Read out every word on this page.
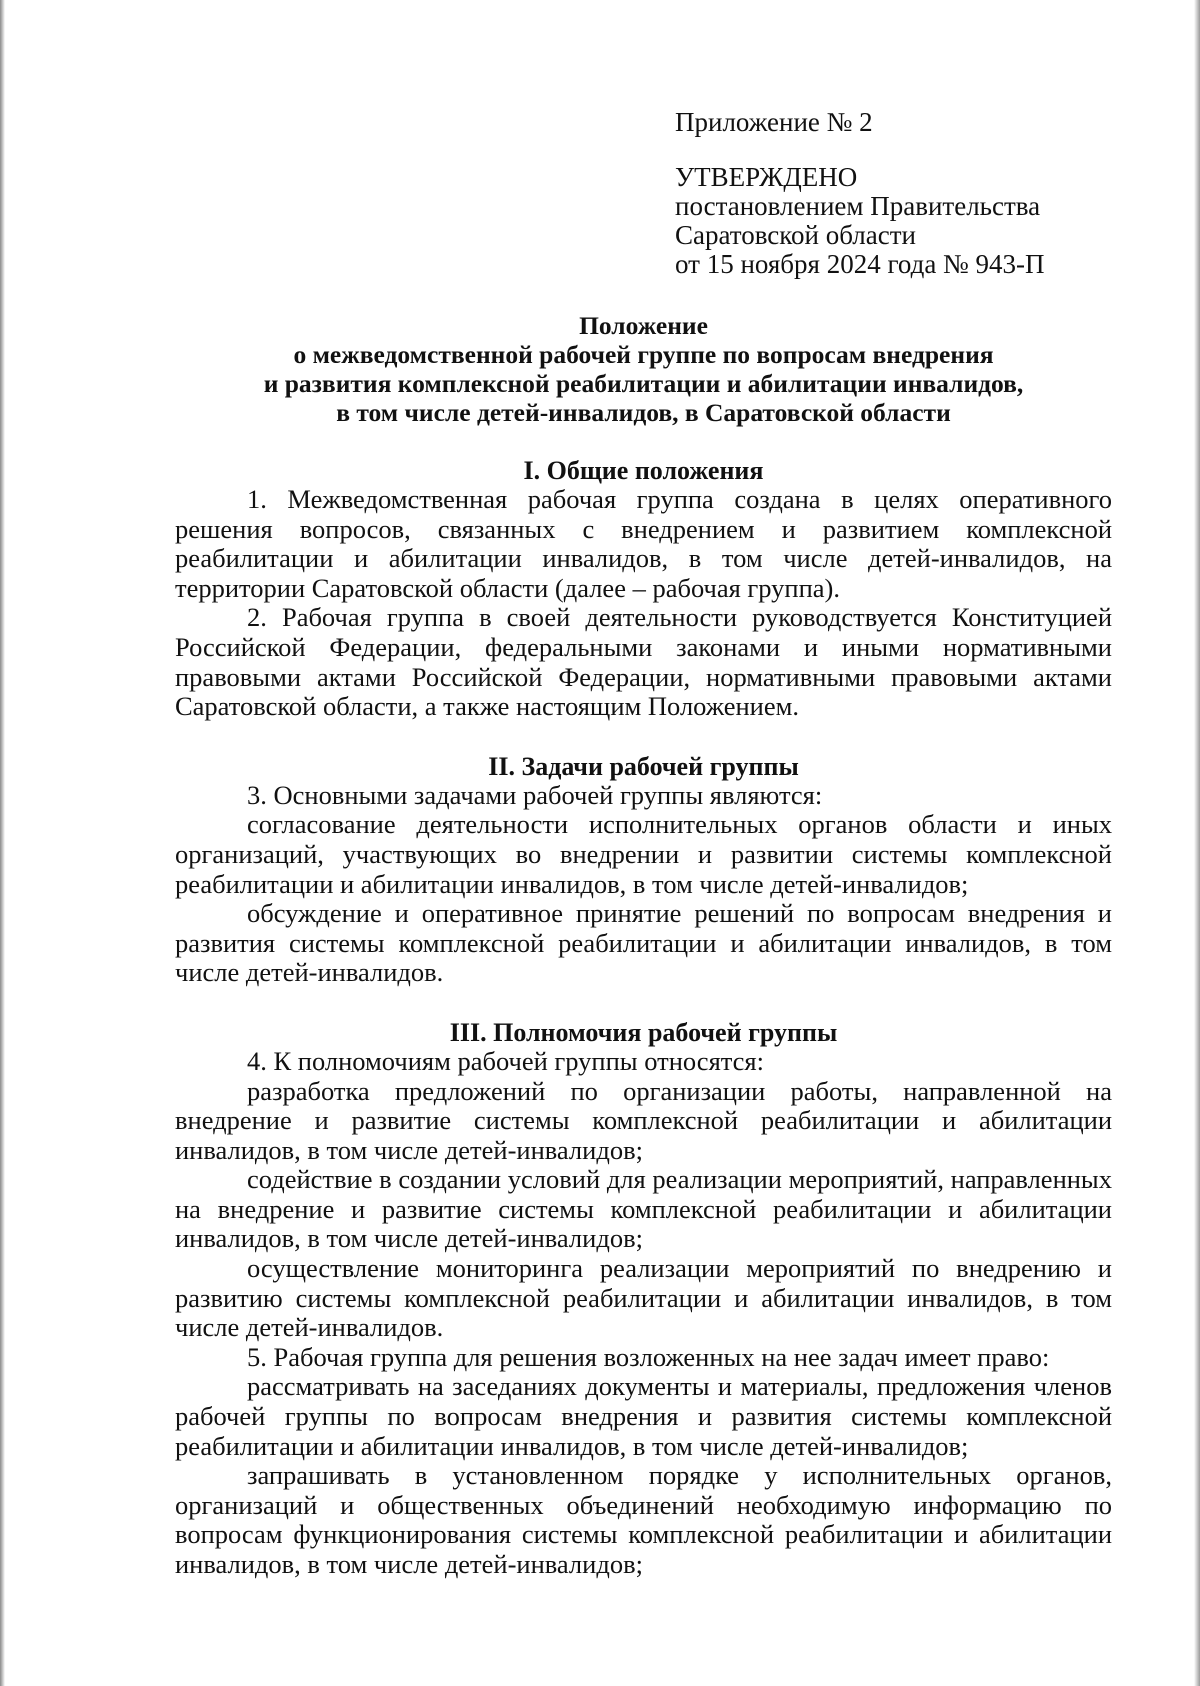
Приложение № 2
УТВЕРЖДЕНО
постановлением Правительства
Саратовской области
от 15 ноября 2024 года № 943-П
Положение
о межведомственной рабочей группе по вопросам внедрения
и развития комплексной реабилитации и абилитации инвалидов,
в том числе детей-инвалидов, в Саратовской области
I. Общие положения

1. Межведомственная рабочая группа создана в целях оперативного решения вопросов, связанных с внедрением и развитием комплексной реабилитации и абилитации инвалидов, в том числе детей-инвалидов, на территории Саратовской области (далее – рабочая группа).

2. Рабочая группа в своей деятельности руководствуется Конституцией Российской Федерации, федеральными законами и иными нормативными правовыми актами Российской Федерации, нормативными правовыми актами Саратовской области, а также настоящим Положением.

II. Задачи рабочей группы

3. Основными задачами рабочей группы являются:

согласование деятельности исполнительных органов области и иных организаций, участвующих во внедрении и развитии системы комплексной реабилитации и абилитации инвалидов, в том числе детей-инвалидов;

обсуждение и оперативное принятие решений по вопросам внедрения и развития системы комплексной реабилитации и абилитации инвалидов, в том числе детей-инвалидов.

III. Полномочия рабочей группы

4. К полномочиям рабочей группы относятся:

разработка предложений по организации работы, направленной на внедрение и развитие системы комплексной реабилитации и абилитации инвалидов, в том числе детей-инвалидов;

содействие в создании условий для реализации мероприятий, направленных на внедрение и развитие системы комплексной реабилитации и абилитации инвалидов, в том числе детей-инвалидов;

осуществление мониторинга реализации мероприятий по внедрению и развитию системы комплексной реабилитации и абилитации инвалидов, в том числе детей-инвалидов.

5. Рабочая группа для решения возложенных на нее задач имеет право:

рассматривать на заседаниях документы и материалы, предложения членов рабочей группы по вопросам внедрения и развития системы комплексной реабилитации и абилитации инвалидов, в том числе детей-инвалидов;

запрашивать в установленном порядке у исполнительных органов, организаций и общественных объединений необходимую информацию по вопросам функционирования системы комплексной реабилитации и абилитации инвалидов, в том числе детей-инвалидов;
